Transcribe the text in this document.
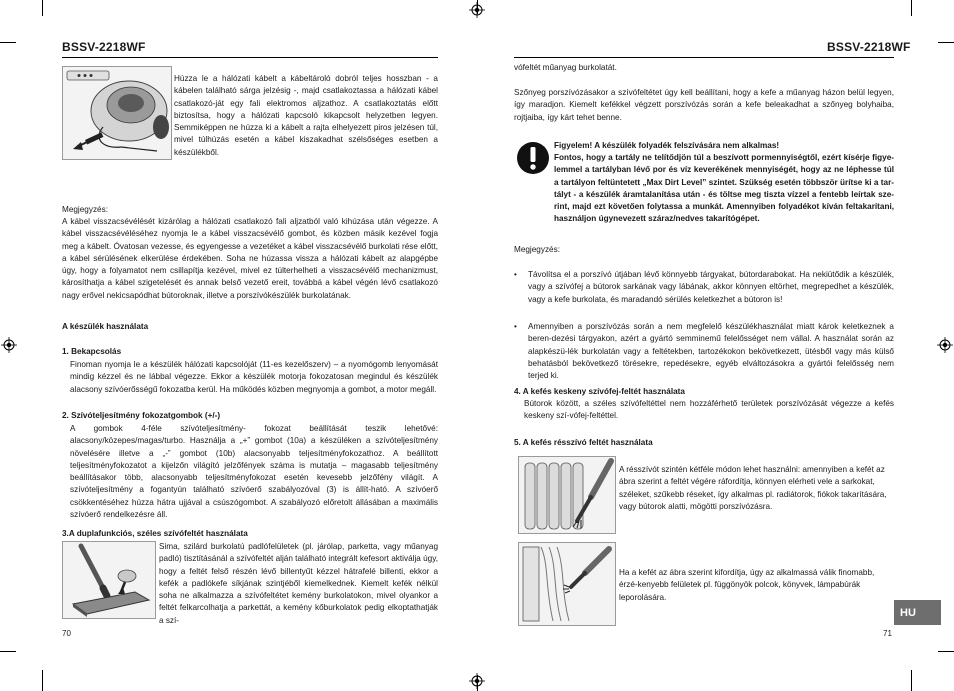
BSSV-2218WF
Húzza le a hálózati kábelt a kábeltároló dobról teljes hosszban - a kábelen található sárga jelzésig -, majd csatlakoztassa a hálózati kábel csatlakozó-ját egy fali elektromos aljzathoz. A csatlakoztatás előtt biztosítsa, hogy a hálózati kapcsoló kikapcsolt helyzetben legyen. Semmiképpen ne húzza ki a kábelt a rajta elhelyezett piros jelzésen túl, mivel túlhúzás esetén a kábel kiszakadhat szélsőséges esetben a készülékből.
Megjegyzés:
A kábel visszacsévélését kizárólag a hálózati csatlakozó fali aljzatból való kihúzása után végezze. A kábel visszacsévéléséhez nyomja le a kábel visszacsévélő gombot, és közben másik kezével fogja meg a kábelt. Óvatosan vezesse, és egyengesse a vezetéket a kábel visszacsévélő burkolati rése előtt, a kábel sérülésének elkerülése érdekében. Soha ne húzassa vissza a hálózati kábelt az alapgépbe úgy, hogy a folyamatot nem csillapítja kezével, mivel ez túlterhelheti a visszacsévélő mechanizmust, károsíthatja a kábel szigetelését és annak belső vezető ereit, továbbá a kábel végén lévő csatlakozó nagy erővel nekicsapódhat bútoroknak, illetve a porszívókészülék burkolatának.
A készülék használata
1. Bekapcsolás
Finoman nyomja le a készülék hálózati kapcsolóját (11-es kezelőszerv) – a nyomógomb lenyomását mindig kézzel és ne lábbal végezze. Ekkor a készülék motorja fokozatosan megindul és készülék alacsony szívóerősségű fokozatba kerül. Ha működés közben megnyomja a gombot, a motor megáll.
2. Szívóteljesítmény fokozatgombok (+/-)
A gombok 4-féle szívóteljesítmény- fokozat beállítását teszik lehetővé: alacsony/közepes/magas/turbo. Használja a „+” gombot (10a) a készüléken a szívóteljesítmény növelésére illetve a „-” gombot (10b) alacsonyabb teljesítményfokozathoz. A beállított teljesítményfokozatot a kijelzőn világító jelzőfények száma is mutatja – magasabb teljesítmény beállításakor több, alacsonyabb teljesítményfokozat esetén kevesebb jelzőfény világít. A szívóteljesítmény a fogantyún található szívóerő szabályozóval (3) is állít-ható. A szívóerő csökkentéséhez húzza hátra ujjával a csúszógombot. A szabályozó előretolt állásában a maximális szívóerő rendelkezésre áll.
3.A duplafunkciós, széles szívófeltét használata
Sima, szilárd burkolatú padlófelületek (pl. járólap, parketta, vagy műanyag padló) tisztításánál a szívófeltét alján található integrált kefesort aktiválja úgy, hogy a feltét felső részén lévő billentyűt kézzel hátrafelé billenti, ekkor a kefék a padlókefe síkjának szintjéből kiemelkednek. Kiemelt kefék nélkül soha ne alkalmazza a szívófeltétet kemény burkolatokon, mivel olyankor a feltét felkarcolhatja a parkettát, a kemény kőburkolatok pedig elkoptathatják a szí-
70
BSSV-2218WF
vófeltét műanyag burkolatát.
Szőnyeg porszívózásakor a szívófeltétet úgy kell beállítani, hogy a kefe a műanyag házon belül legyen, így maradjon. Kiemelt kefékkel végzett porszívózás során a kefe beleakadhat a szőnyeg bolyhaiba, rojtjaiba, így kárt tehet benne.
Figyelem! A készülék folyadék felszívására nem alkalmas!
Fontos, hogy a tartály ne telítődjön túl a beszívott pormennyiségtől, ezért kísérje figye-lemmel a tartályban lévő por és víz keverékének mennyiségét, hogy az ne léphesse túl a tartályon feltüntetett „Max Dirt Level” szintet. Szükség esetén többször ürítse ki a tar-tályt - a készülék áramtalanítása után - és töltse meg tiszta vízzel a fentebb leírtak sze-rint, majd ezt követően folytassa a munkát. Amennyiben folyadékot kíván feltakarítani, használjon úgynevezett száraz/nedves takarítógépet.
Megjegyzés:
• Távolítsa el a porszívó útjában lévő könnyebb tárgyakat, bútordarabokat. Ha nekiütődik a készülék, vagy a szívófej a bútorok sarkának vagy lábának, akkor könnyen eltörhet, megrepedhet a készülék, vagy a kefe burkolata, és maradandó sérülés keletkezhet a bútoron is!
• Amennyiben a porszívózás során a nem megfelelő készülékhasználat miatt károk keletkeznek a beren-dezési tárgyakon, azért a gyártó semminemű felelősséget nem vállal. A használat során az alapkészü-lék burkolatán vagy a feltétekben, tartozékokon bekövetkezett, ütésből vagy más külső behatásból bekövetkező törésekre, repedésekre, egyéb elváltozásokra a gyártói felelősség nem terjed ki.
4. A kefés keskeny szívófej-feltét használata
Bútorok között, a széles szívófeltéttel nem hozzáférhető területek porszívózását végezze a kefés keskeny szí-vófej-feltéttel.
5. A kefés résszívó feltét használata
A résszívót szintén kétféle módon lehet használni: amennyiben a kefét az ábra szerint a feltét végére ráfordítja, könnyen elérheti vele a sarkokat, széleket, szűkebb réseket, így alkalmas pl. radiátorok, fiókok takarítására, vagy bútorok alatti, mögötti porszívózásra.
Ha a kefét az ábra szerint kifordítja, úgy az alkalmassá válik finomabb, érzé-kenyebb felületek pl. függönyök polcok, könyvek, lámpabúrák leporolására.
HU
71
